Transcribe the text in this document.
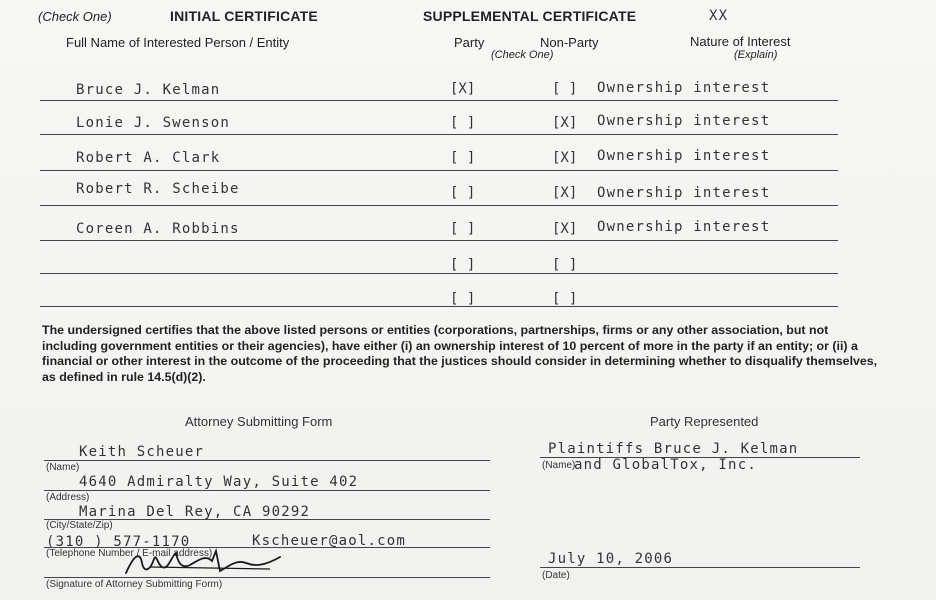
(Check One)	INITIAL CERTIFICATE	SUPPLEMENTAL CERTIFICATE	XX
Full Name of Interested Person / Entity	Party	Non-Party
(Check One)
Nature of Interest
(Explain)
Bruce J. Kelman	[X]	[ ] Ownership interest
Lonie J. Swenson	[ ]	[X] Ownership interest
Robert A. Clark	[ ]	[X] Ownership interest
Robert R. Scheibe	[ ]	[X] Ownership interest
Coreen A. Robbins	[ ]	[X] Ownership interest
[ ]	[ ]
[ ]	[ ]
The undersigned certifies that the above listed persons or entities (corporations, partnerships, firms or any other association, but not including government entities or their agencies), have either (i) an ownership interest of 10 percent of more in the party if an entity; or (ii) a financial or other interest in the outcome of the proceeding that the justices should consider in determining whether to disqualify themselves, as defined in rule 14.5(d)(2).
Attorney Submitting Form
Keith Scheuer
(Name)
4640 Admiralty Way, Suite 402
(Address)
Marina Del Rey, CA 90292
(City/State/Zip)
(310 ) 577-1170	Kscheuer@aol.com
(Telephone Number / E-mail address)
(Signature of Attorney Submitting Form)
Party Represented
Plaintiffs Bruce J. Kelman
(Name)
and GlobalTox, Inc.
July 10, 2006
(Date)
